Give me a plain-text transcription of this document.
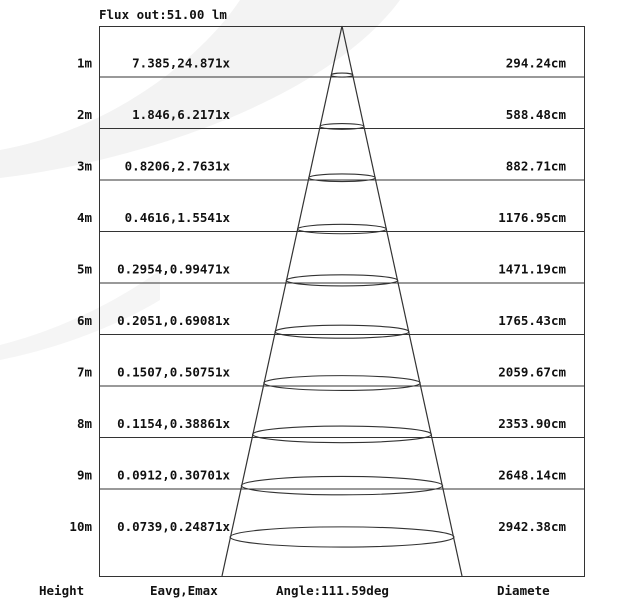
Flux out:51.00 lm
1m	7.385,24.871x	294.24cm
2m	1.846,6.2171x	588.48cm
3m	0.8206,2.7631x	882.71cm
4m	0.4616,1.5541x	1176.95cm
5m 0.2954,0.99471x	1471.19cm
6m 0.2051,0.69081x	1765.43cm
7m 0.1507,0.50751x	2059.67cm
8m 0.1154,0.38861x	2353.90cm
9m 0.0912,0.30701x	2648.14cm
10m 0.0739,0.24871x	2942.38cm
Height	Eavg,Emax	Angle:111.59deg	Diamete
